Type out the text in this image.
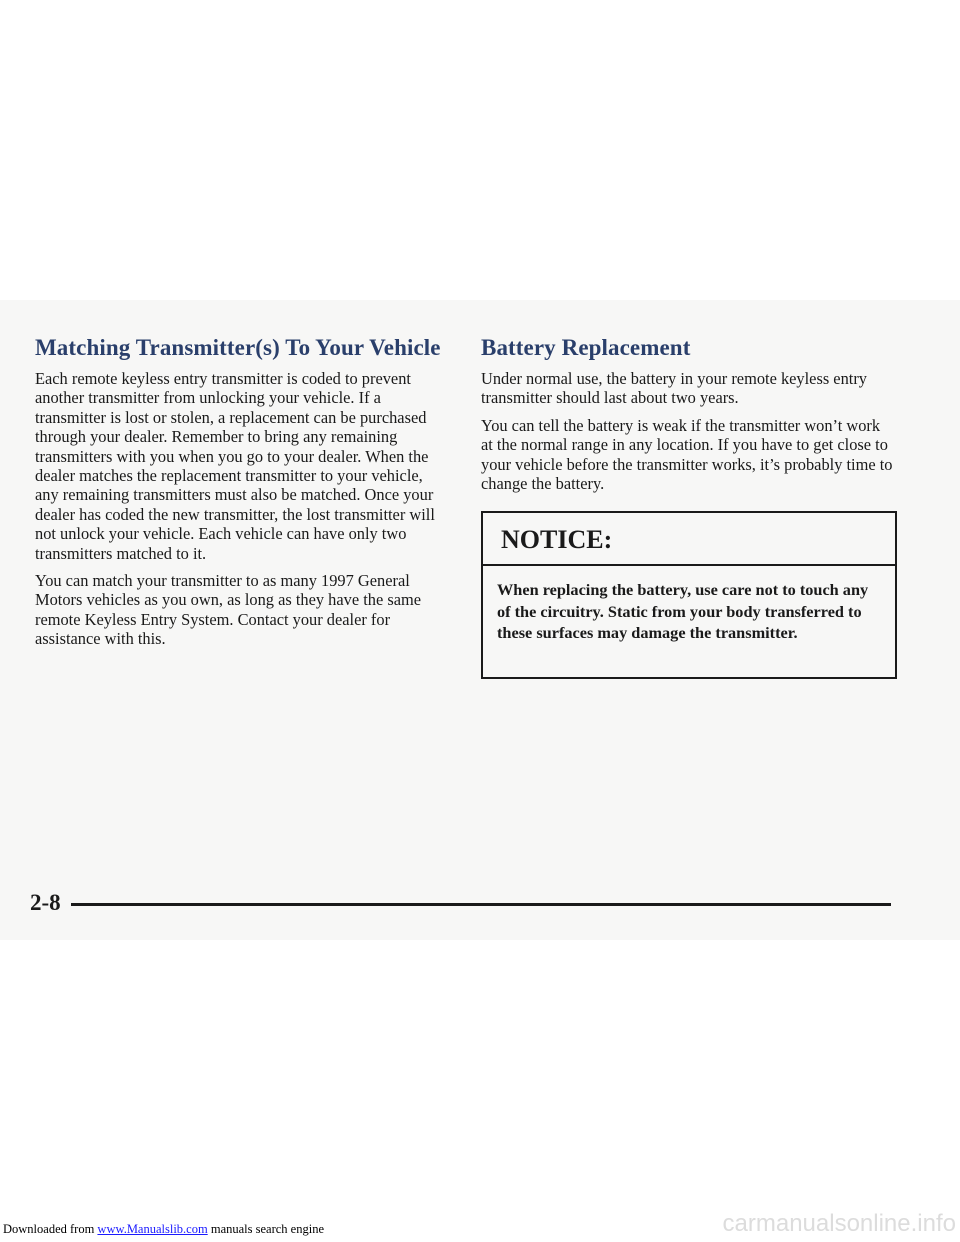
Matching Transmitter(s) To Your Vehicle

Each remote keyless entry transmitter is coded to prevent another transmitter from unlocking your vehicle. If a transmitter is lost or stolen, a replacement can be purchased through your dealer. Remember to bring any remaining transmitters with you when you go to your dealer. When the dealer matches the replacement transmitter to your vehicle, any remaining transmitters must also be matched. Once your dealer has coded the new transmitter, the lost transmitter will not unlock your vehicle. Each vehicle can have only two transmitters matched to it.

You can match your transmitter to as many 1997 General Motors vehicles as you own, as long as they have the same remote Keyless Entry System. Contact your dealer for assistance with this.

Battery Replacement

Under normal use, the battery in your remote keyless entry transmitter should last about two years.

You can tell the battery is weak if the transmitter won’t work at the normal range in any location. If you have to get close to your vehicle before the transmitter works, it’s probably time to change the battery.

NOTICE:
When replacing the battery, use care not to touch any of the circuitry. Static from your body transferred to these surfaces may damage the transmitter.

2-8

Downloaded from www.Manualslib.com manuals search engine	carmanualsonline.info
